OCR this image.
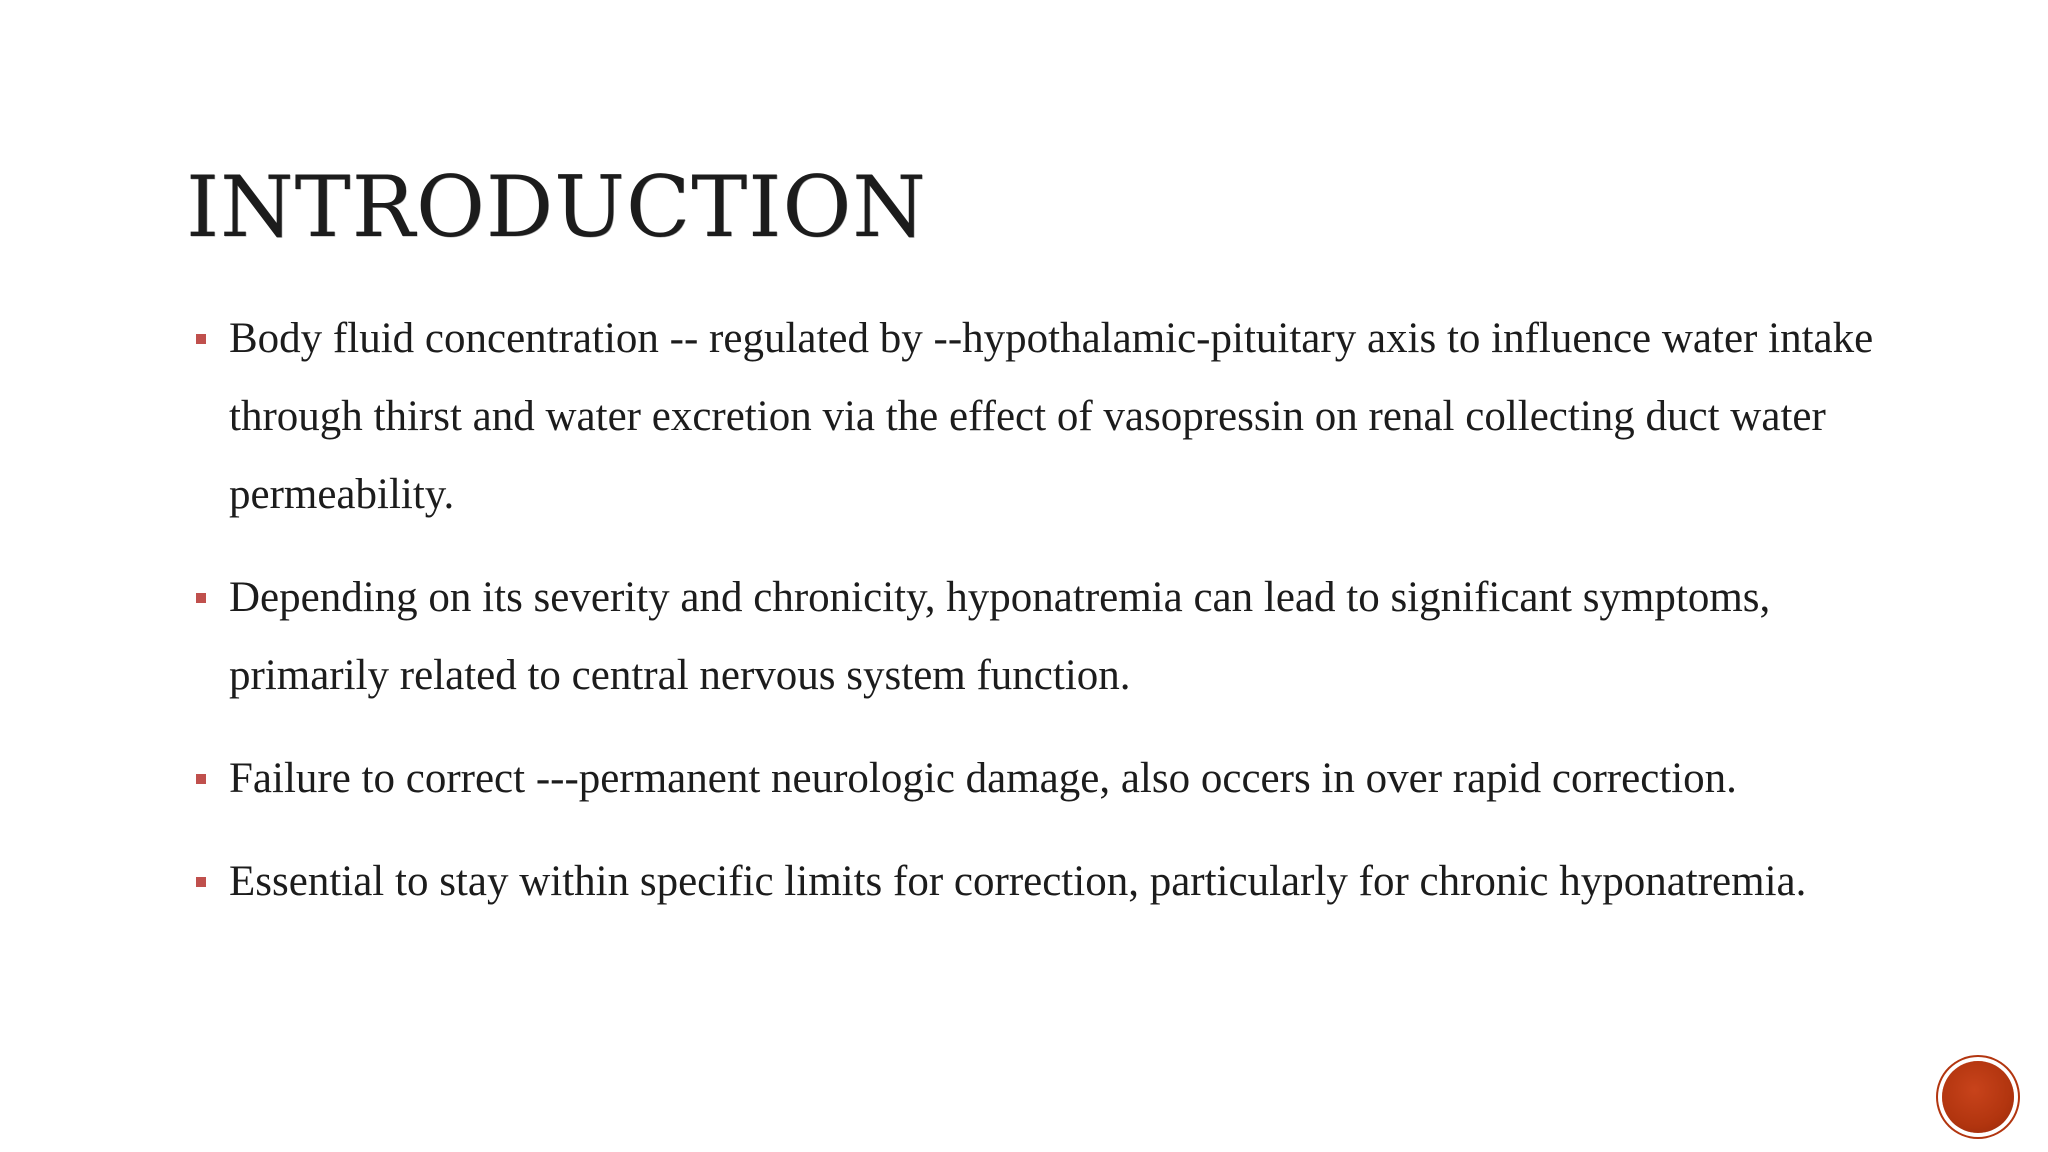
INTRODUCTION
Body fluid concentration -- regulated by --hypothalamic-pituitary axis to influence water intake through thirst and water excretion via the effect of vasopressin on renal collecting duct water permeability.
Depending on its severity and chronicity, hyponatremia can lead to significant symptoms, primarily related to central nervous system function.
Failure to correct ---permanent neurologic damage, also occers in over rapid correction.
Essential to stay within specific limits for correction, particularly for chronic hyponatremia.
